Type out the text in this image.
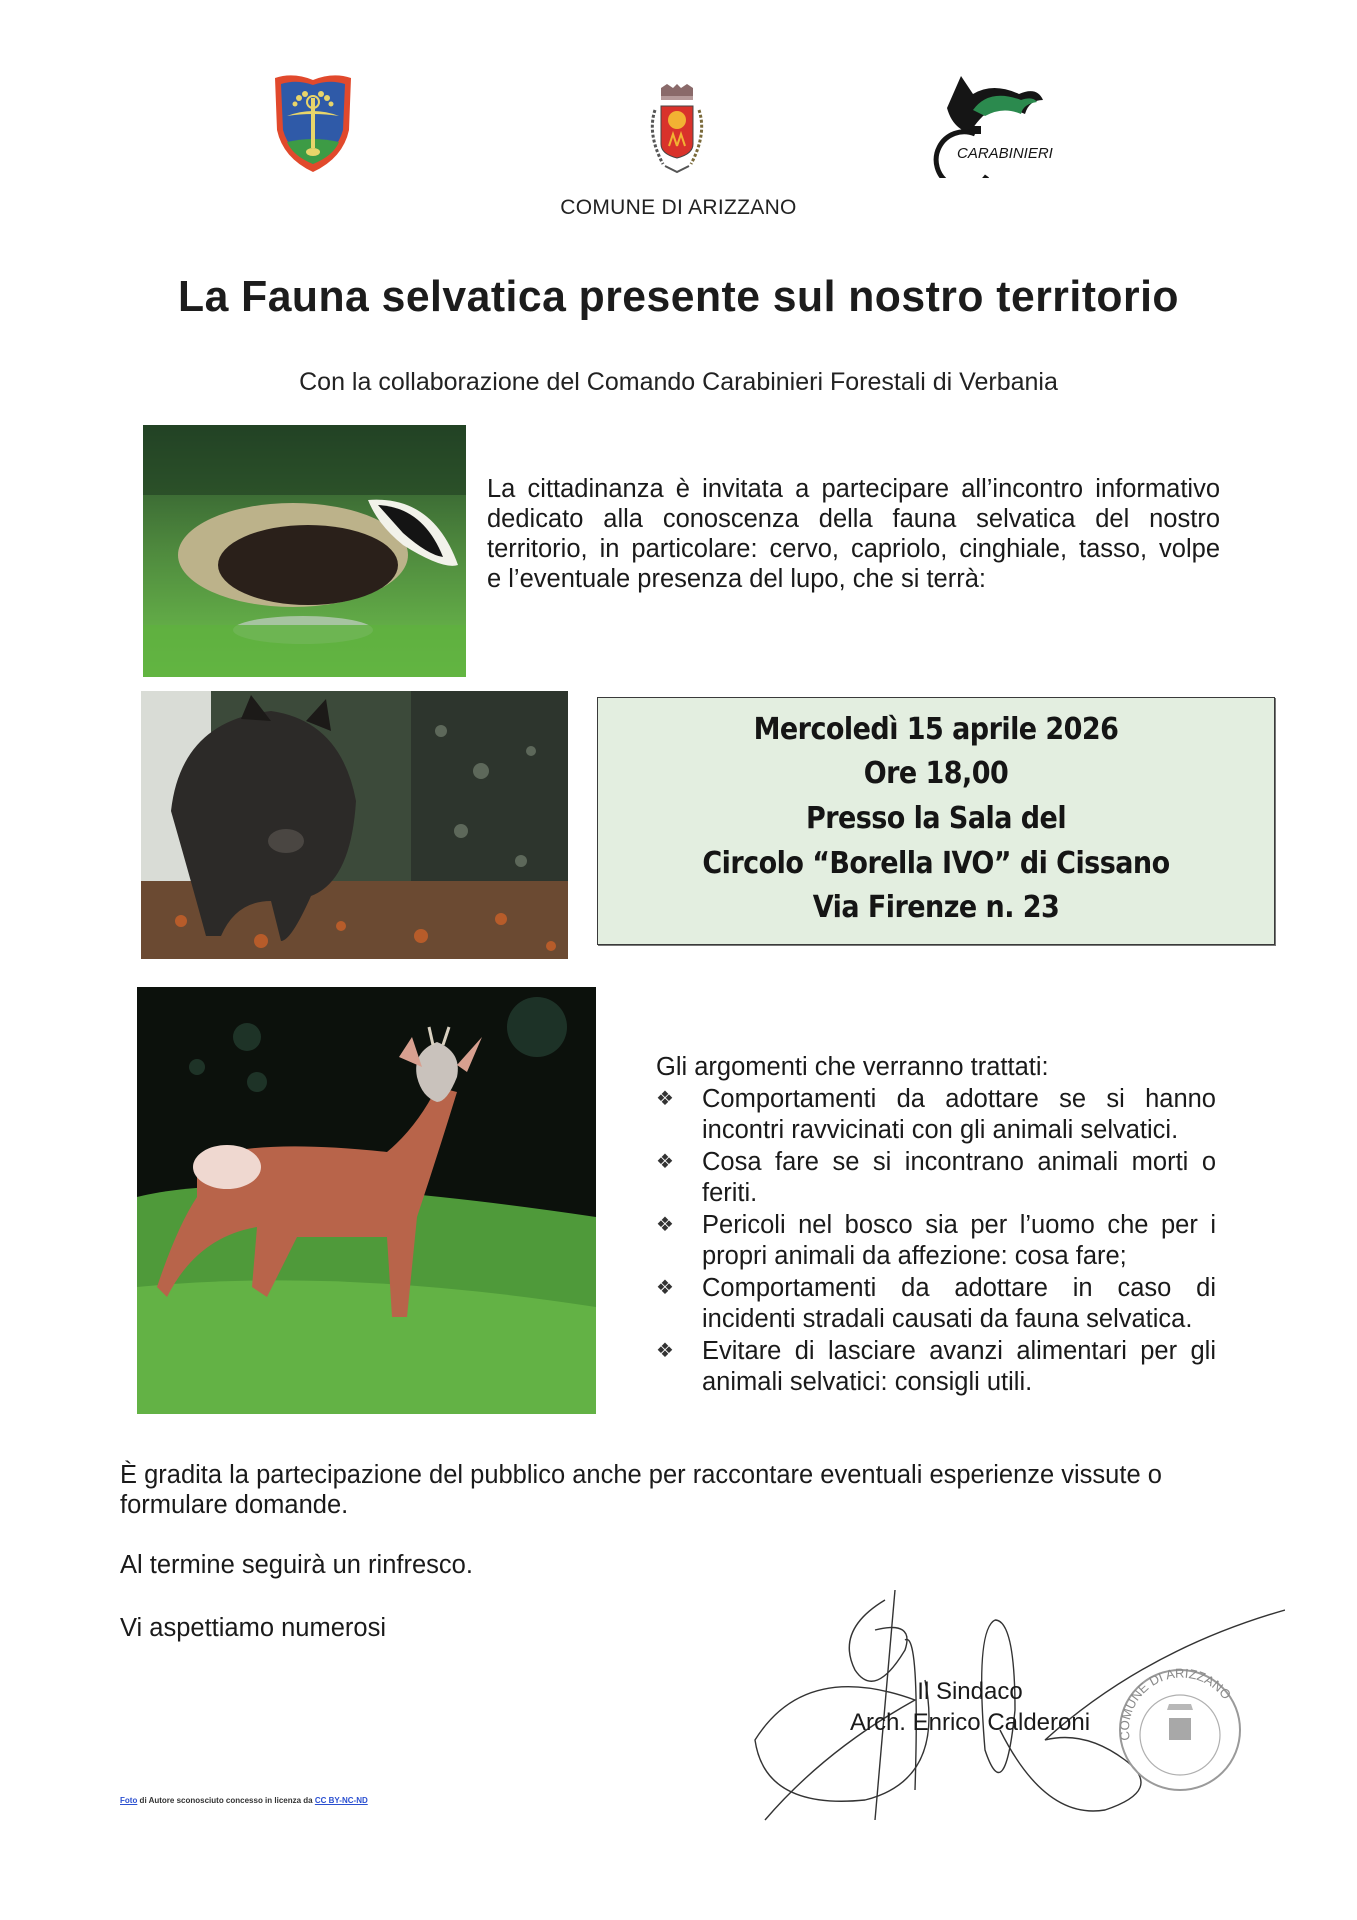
CARABINIERI
COMUNE DI ARIZZANO
La Fauna selvatica presente sul nostro territorio
Con la collaborazione del Comando Carabinieri Forestali di Verbania
La cittadinanza è invitata a partecipare all’incontro informativo
dedicato alla conoscenza della fauna selvatica del nostro
territorio, in particolare: cervo, capriolo, cinghiale, tasso, volpe
e l’eventuale presenza del lupo, che si terrà:
Mercoledì 15 aprile 2026
Ore 18,00
Presso la Sala del
Circolo “Borella IVO” di Cissano
Via Firenze n. 23
Gli argomenti che verranno trattati:
❖ Comportamenti da adottare se si hanno incontri ravvicinati con gli animali selvatici.
❖ Cosa fare se si incontrano animali morti o feriti.
❖ Pericoli nel bosco sia per l’uomo che per i propri animali da affezione: cosa fare;
❖ Comportamenti da adottare in caso di incidenti stradali causati da fauna selvatica.
❖ Evitare di lasciare avanzi alimentari per gli animali selvatici: consigli utili.
È gradita la partecipazione del pubblico anche per raccontare eventuali esperienze vissute o formulare domande.
Al termine seguirà un rinfresco.
Vi aspettiamo numerosi
COMUNE DI ARIZZANO
Il Sindaco
Arch. Enrico Calderoni
Foto di Autore sconosciuto concesso in licenza da CC BY-NC-ND
